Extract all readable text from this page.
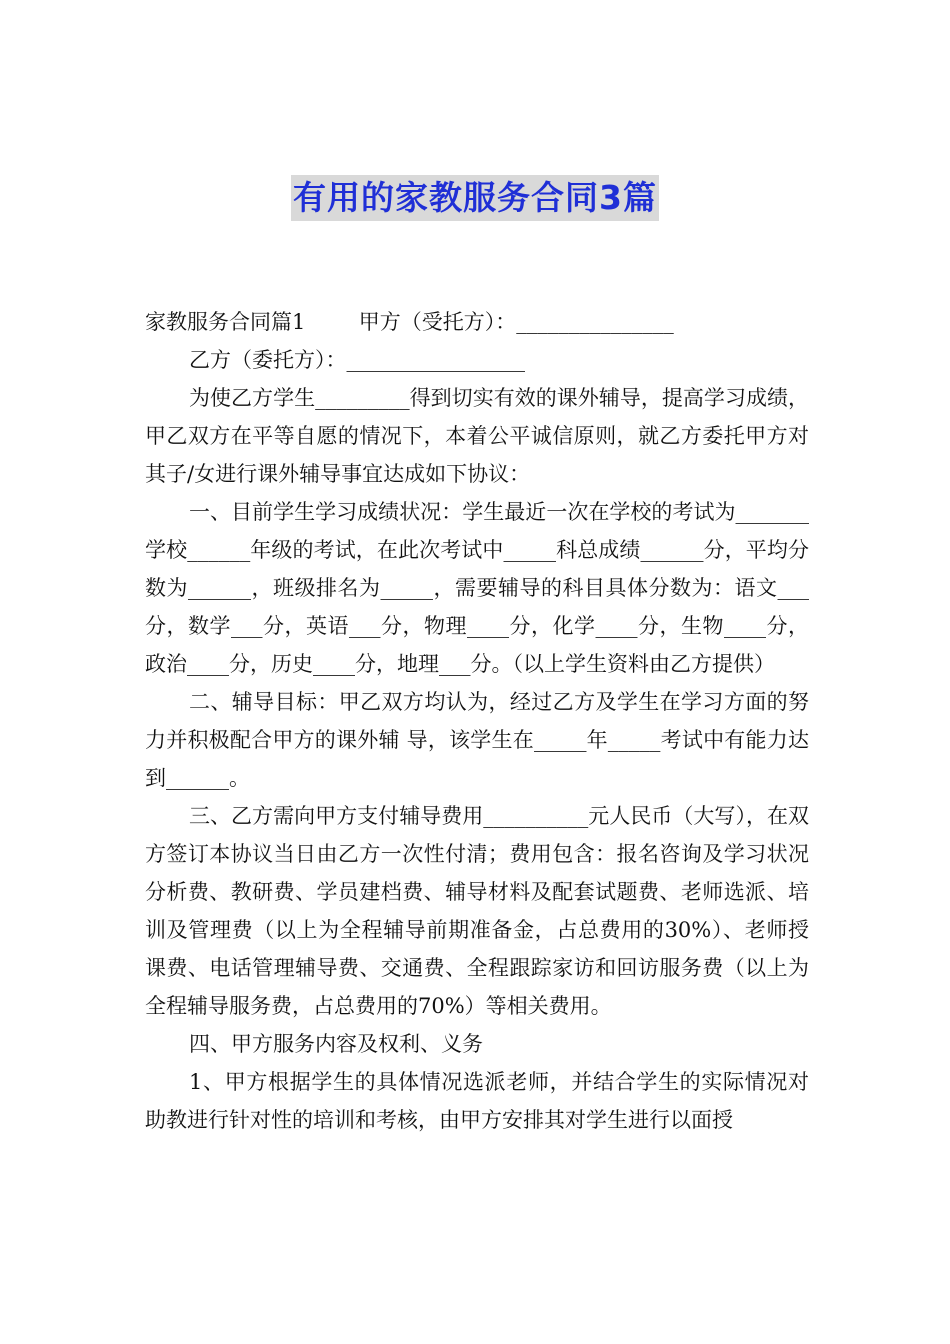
有用的家教服务合同3篇

家教服务合同篇1        甲方（受托方）：_______________

乙方（委托方）：_________________

为使乙方学生_________得到切实有效的课外辅导，提高学习成绩，甲乙双方在平等自愿的情况下，本着公平诚信原则，就乙方委托甲方对其子/女进行课外辅导事宜达成如下协议：

一、目前学生学习成绩状况：学生最近一次在学校的考试为_______学校______年级的考试，在此次考试中_____科总成绩______分，平均分数为______，班级排名为_____，需要辅导的科目具体分数为：语文___分，数学___分，英语___分，物理____分，化学____分，生物____分，政治____分，历史____分，地理___分。（以上学生资料由乙方提供）

二、辅导目标：甲乙双方均认为，经过乙方及学生在学习方面的努力并积极配合甲方的课外辅 导，该学生在_____年_____考试中有能力达到______。

三、乙方需向甲方支付辅导费用__________元人民币（大写），在双方签订本协议当日由乙方一次性付清；费用包含：报名咨询及学习状况分析费、教研费、学员建档费、辅导材料及配套试题费、老师选派、培训及管理费（以上为全程辅导前期准备金，占总费用的30%）、老师授课费、电话管理辅导费、交通费、全程跟踪家访和回访服务费（以上为全程辅导服务费，占总费用的70%）等相关费用。

四、甲方服务内容及权利、义务

1、甲方根据学生的具体情况选派老师，并结合学生的实际情况对助教进行针对性的培训和考核，由甲方安排其对学生进行以面授
